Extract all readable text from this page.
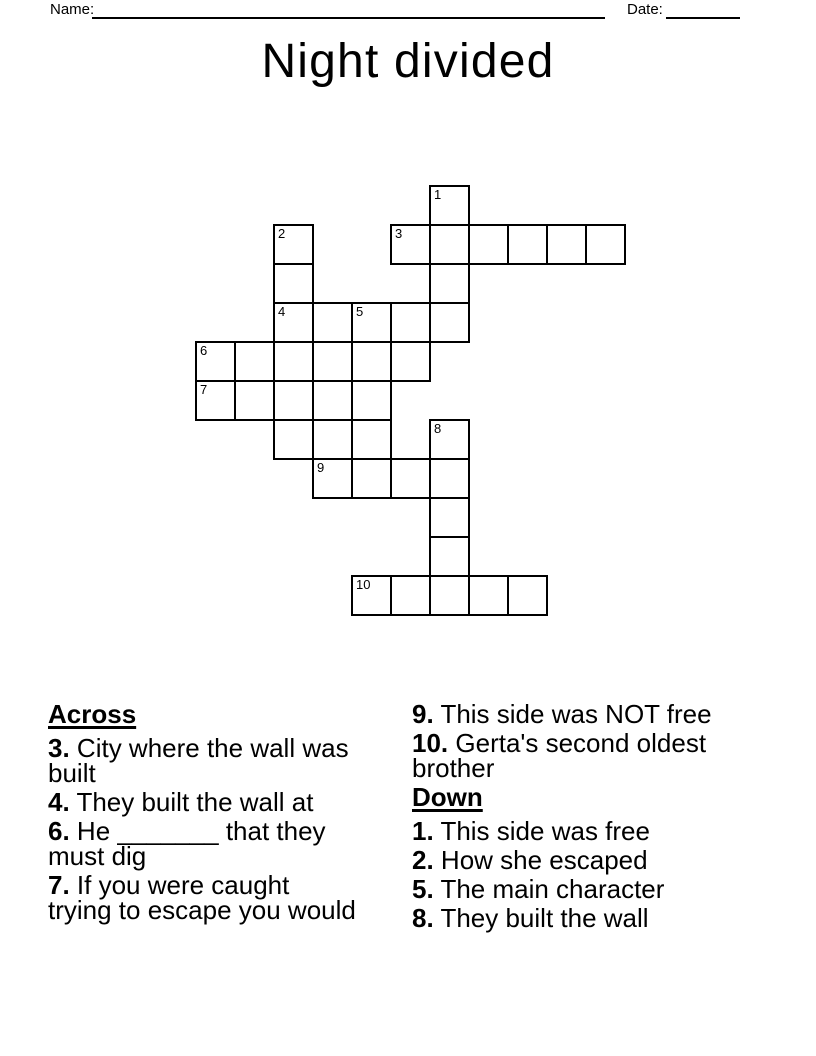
Name:	Date:
Night divided
1
2	3
4	5
6
7
8
9
10
Across
3. City where the wall was
built
4. They built the wall at
6. He _______ that they
must dig
7. If you were caught
trying to escape you would
9. This side was NOT free
10. Gerta's second oldest
brother
Down
1. This side was free
2. How she escaped
5. The main character
8. They built the wall
